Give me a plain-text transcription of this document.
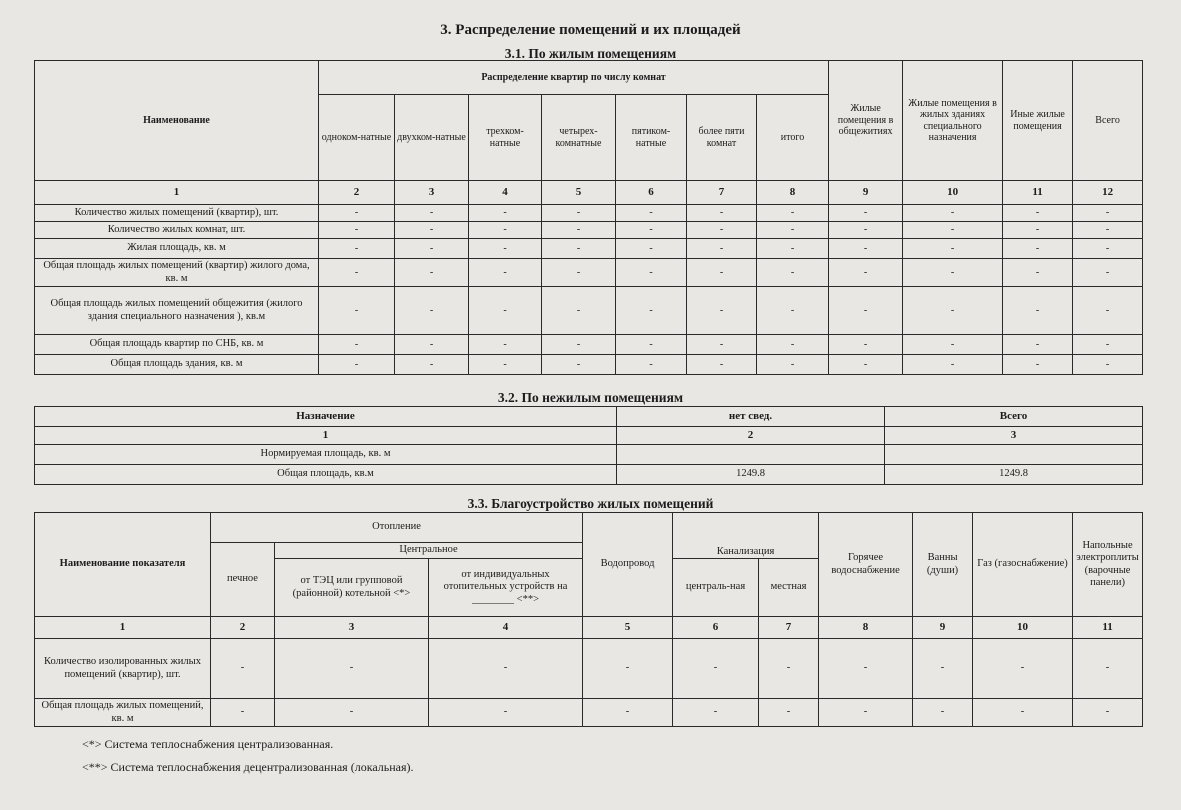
3. Распределение помещений и их площадей
3.1. По жилым помещениям
Наименование	Распределение квартир по числу комнат							Жилые помещения в общежитиях	Жилые помещения в жилых зданиях специального назначения	Иные жилые помещения	Всего
	одноком-натные	двухком-натные	трехком-натные	четырех-комнатные	пятиком-натные	более пяти комнат	итого				
1	2	3	4	5	6	7	8	9	10	11	12
Количество жилых помещений (квартир), шт.	-	-	-	-	-	-	-	-	-	-	-
Количество жилых комнат, шт.	-	-	-	-	-	-	-	-	-	-	-
Жилая площадь, кв. м	-	-	-	-	-	-	-	-	-	-	-
Общая площадь жилых помещений (квартир) жилого дома, кв. м	-	-	-	-	-	-	-	-	-	-	-
Общая площадь жилых помещений общежития (жилого здания специального назначения ), кв.м	-	-	-	-	-	-	-	-	-	-	-
Общая площадь квартир по СНБ, кв. м	-	-	-	-	-	-	-	-	-	-	-
Общая площадь здания, кв. м	-	-	-	-	-	-	-	-	-	-	-
3.2. По нежилым помещениям
Назначение	нет свед.	Всего
1	2	3
Нормируемая площадь, кв. м		
Общая площадь, кв.м	1249.8	1249.8
3.3. Благоустройство жилых помещений
Наименование показателя	Отопление			Водопровод	Канализация		Горячее водоснабжение	Ванны (души)	Газ (газоснабжение)	Напольные электроплиты (варочные панели)
	печное	Центральное								
		от ТЭЦ или групповой (районной) котельной <*>	от индивидуальных отопительных устройств на ________ <**>		централь-ная	местная				
1	2	3	4	5	6	7	8	9	10	11
Количество изолированных жилых помещений (квартир), шт.	-	-	-	-	-	-	-	-	-	-
Общая площадь жилых помещений, кв. м	-	-	-	-	-	-	-	-	-	-
<*> Система теплоснабжения централизованная.
<**> Система теплоснабжения децентрализованная (локальная).
